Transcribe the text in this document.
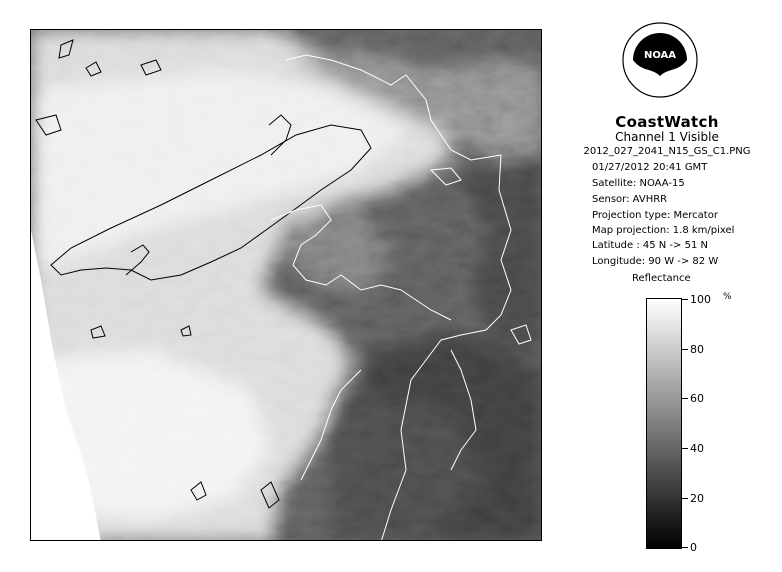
NOAA
CoastWatch
Channel 1 Visible
2012_027_2041_N15_GS_C1.PNG
01/27/2012 20:41 GMT
Satellite: NOAA-15
Sensor: AVHRR
Projection type: Mercator
Map projection: 1.8 km/pixel
Latitude : 45 N -> 51 N
Longitude: 90 W -> 82 W
Reflectance
%
100
80
60
40
20
0
